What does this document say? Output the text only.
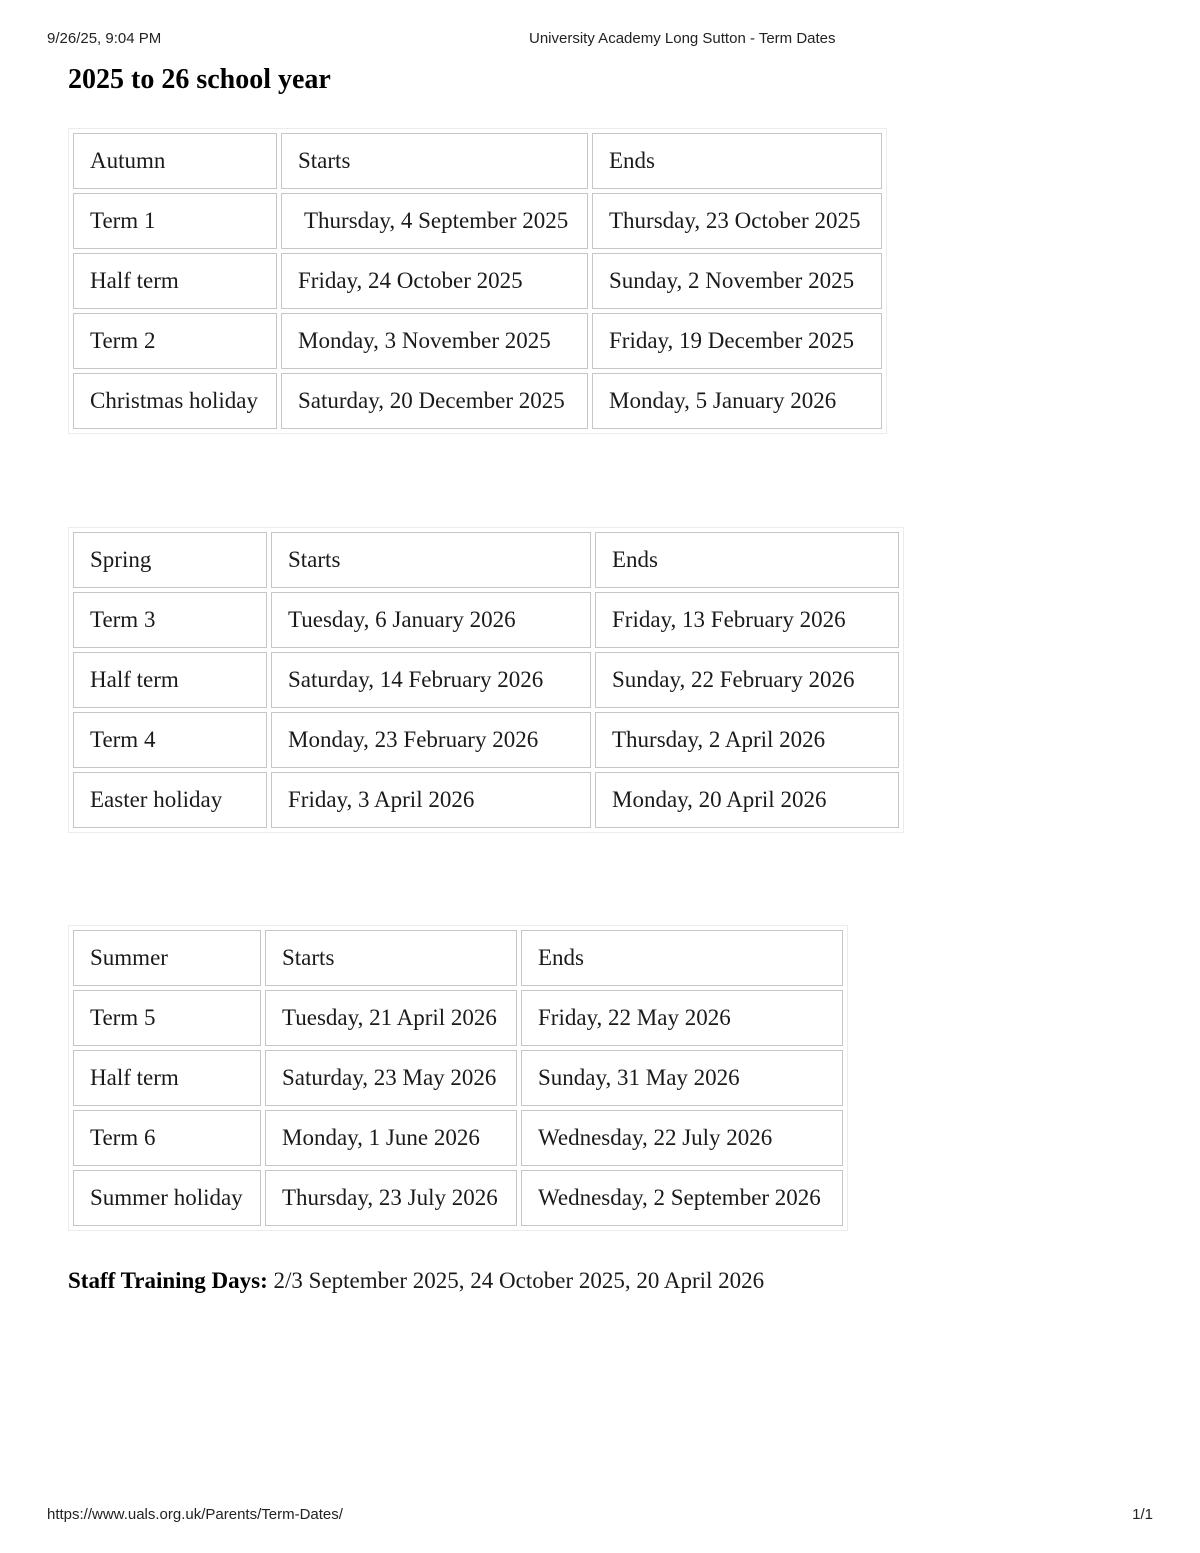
9/26/25, 9:04 PM	University Academy Long Sutton - Term Dates
2025 to 26 school year
Autumn	Starts	Ends
Term 1	Thursday, 4 September 2025	Thursday, 23 October 2025
Half term	Friday, 24 October 2025	Sunday, 2 November 2025
Term 2	Monday, 3 November 2025	Friday, 19 December 2025
Christmas holiday	Saturday, 20 December 2025	Monday, 5 January 2026
Spring	Starts	Ends
Term 3	Tuesday, 6 January 2026	Friday, 13 February 2026
Half term	Saturday, 14 February 2026	Sunday, 22 February 2026
Term 4	Monday, 23 February 2026	Thursday, 2 April 2026
Easter holiday	Friday, 3 April 2026	Monday, 20 April 2026
Summer	Starts	Ends
Term 5	Tuesday, 21 April 2026	Friday, 22 May 2026
Half term	Saturday, 23 May 2026	Sunday, 31 May 2026
Term 6	Monday, 1 June 2026	Wednesday, 22 July 2026
Summer holiday	Thursday, 23 July 2026	Wednesday, 2 September 2026

Staff Training Days: 2/3 September 2025, 24 October 2025, 20 April 2026

https://www.uals.org.uk/Parents/Term-Dates/	1/1
